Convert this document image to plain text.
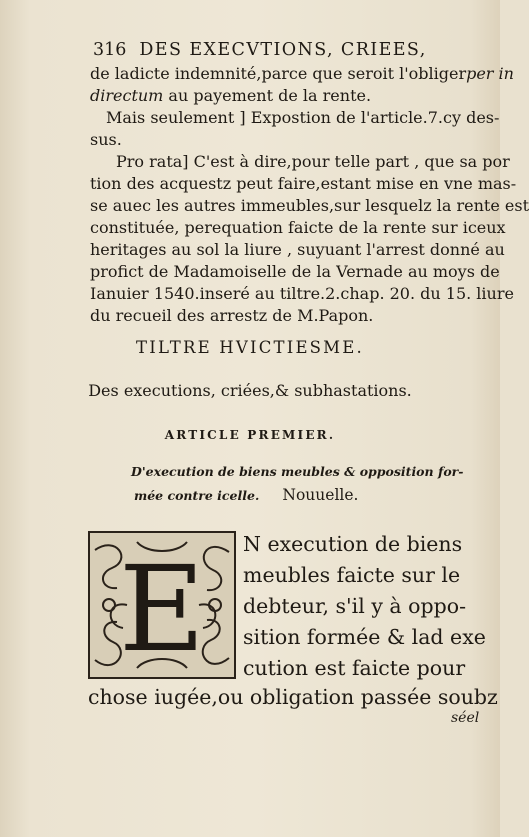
316 DES EXECVTIONS, CRIEES,
de ladicte indemnité,parce que seroit l'obligerper in
directum au payement de la rente.
Mais seulement ] Expostion de l'article.7.cy des-
sus.
Pro rata] C'est à dire,pour telle part , que sa por
tion des acquestz peut faire,estant mise en vne mas-
se auec les autres immeubles,sur lesquelz la rente est
constituée, perequation faicte de la rente sur iceux
heritages au sol la liure , suyuant l'arrest donné au
profict de Madamoiselle de la Vernade au moys de
Ianuier 1540.inseré au tiltre.2.chap. 20. du 15. liure
du recueil des arrestz de M.Papon.
TILTRE HVICTIESME.
Des executions, criées,& subhastations.
ARTICLE PREMIER.
D'execution de biens meubles & opposition for-
mée contre icelle. Nouuelle.
E N execution de biens
meubles faicte sur le
debteur, s'il y à oppo-
sition formée & lad exe
cution est faicte pour
chose iugée,ou obligation passée soubz
séel
